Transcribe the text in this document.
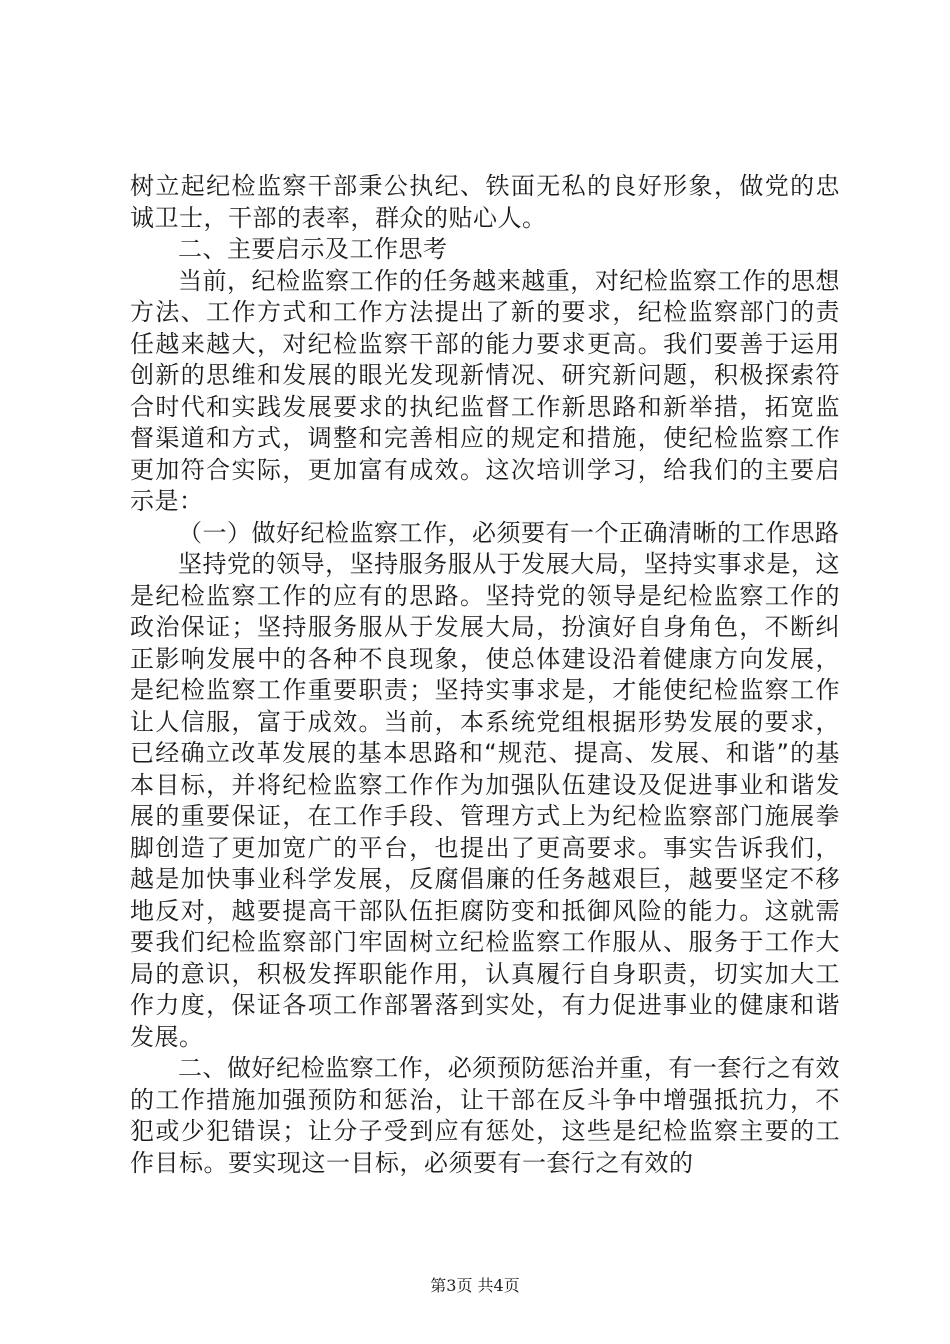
树立起纪检监察干部秉公执纪、铁面无私的良好形象，做党的忠诚卫士，干部的表率，群众的贴心人。

二、主要启示及工作思考

当前，纪检监察工作的任务越来越重，对纪检监察工作的思想方法、工作方式和工作方法提出了新的要求，纪检监察部门的责任越来越大，对纪检监察干部的能力要求更高。我们要善于运用创新的思维和发展的眼光发现新情况、研究新问题，积极探索符合时代和实践发展要求的执纪监督工作新思路和新举措，拓宽监督渠道和方式，调整和完善相应的规定和措施，使纪检监察工作更加符合实际，更加富有成效。这次培训学习，给我们的主要启示是：

（一）做好纪检监察工作，必须要有一个正确清晰的工作思路

坚持党的领导，坚持服务服从于发展大局，坚持实事求是，这是纪检监察工作的应有的思路。坚持党的领导是纪检监察工作的政治保证；坚持服务服从于发展大局，扮演好自身角色，不断纠正影响发展中的各种不良现象，使总体建设沿着健康方向发展，是纪检监察工作重要职责；坚持实事求是，才能使纪检监察工作让人信服，富于成效。当前，本系统党组根据形势发展的要求，已经确立改革发展的基本思路和“规范、提高、发展、和谐”的基本目标，并将纪检监察工作作为加强队伍建设及促进事业和谐发展的重要保证，在工作手段、管理方式上为纪检监察部门施展拳脚创造了更加宽广的平台，也提出了更高要求。事实告诉我们，越是加快事业科学发展，反腐倡廉的任务越艰巨，越要坚定不移地反对，越要提高干部队伍拒腐防变和抵御风险的能力。这就需要我们纪检监察部门牢固树立纪检监察工作服从、服务于工作大局的意识，积极发挥职能作用，认真履行自身职责，切实加大工作力度，保证各项工作部署落到实处，有力促进事业的健康和谐发展。

二、做好纪检监察工作，必须预防惩治并重，有一套行之有效的工作措施加强预防和惩治，让干部在反斗争中增强抵抗力，不犯或少犯错误；让分子受到应有惩处，这些是纪检监察主要的工作目标。要实现这一目标，必须要有一套行之有效的

第3页 共4页
